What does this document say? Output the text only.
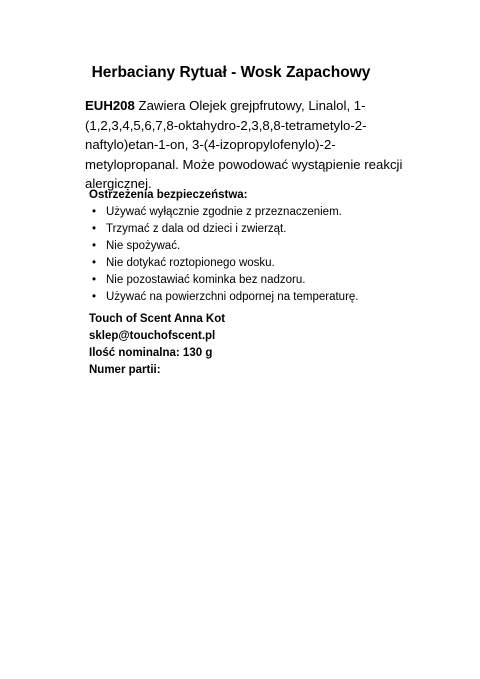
Herbaciany Rytuał - Wosk Zapachowy

EUH208 Zawiera Olejek grejpfrutowy, Linalol, 1-(1,2,3,4,5,6,7,8-oktahydro-2,3,8,8-tetrametylo-2-naftylo)etan-1-on, 3-(4-izopropylofenylo)-2-metylopropanal. Może powodować wystąpienie reakcji alergicznej.

Ostrzeżenia bezpieczeństwa:
• Używać wyłącznie zgodnie z przeznaczeniem.
• Trzymać z dala od dzieci i zwierząt.
• Nie spożywać.
• Nie dotykać roztopionego wosku.
• Nie pozostawiać kominka bez nadzoru.
• Używać na powierzchni odpornej na temperaturę.
Touch of Scent Anna Kot
sklep@touchofscent.pl
Ilość nominalna: 130 g
Numer partii:
